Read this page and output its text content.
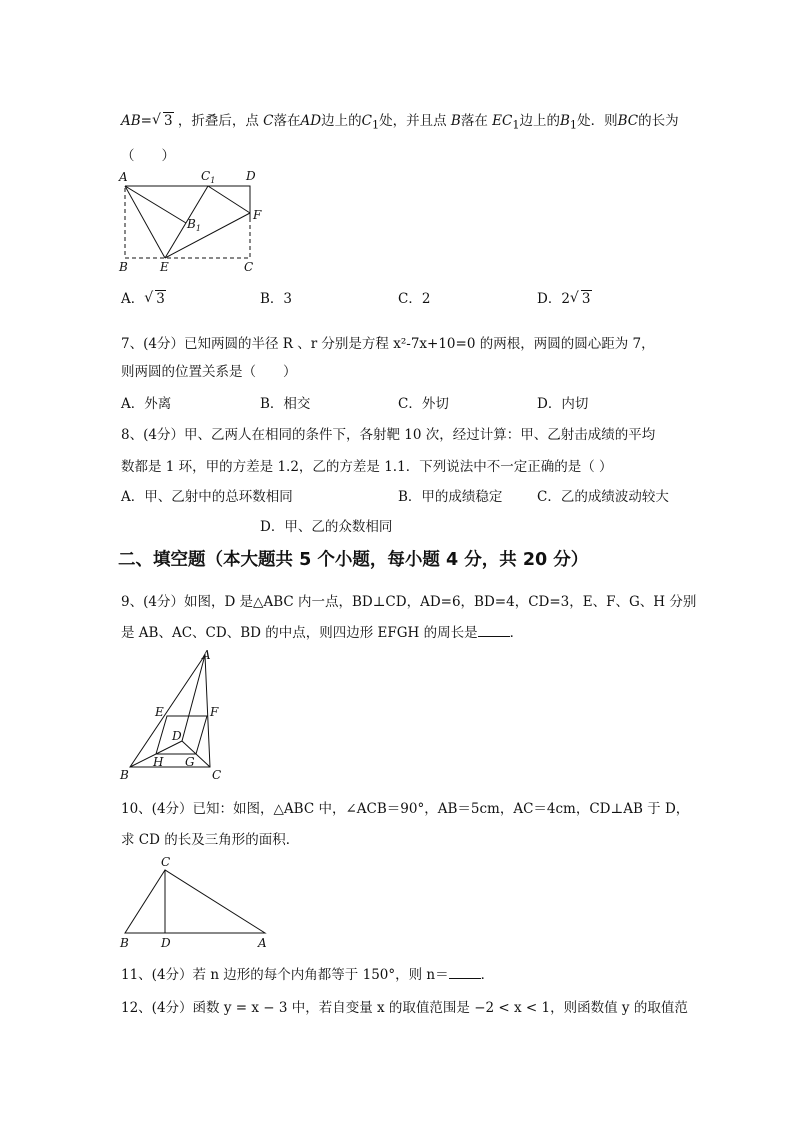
AB= √ 3 ，折叠后，点 C落在AD边上的$C_1$处，并且点 B落在 $EC_1$边上的$B_1$处．则BC的长为
（　　）
A	$C_1$	D
$B_1$
F
B	E	C
A． √ 3	B．3	C．2	D．2 √ 3
7、(4分）已知两圆的半径 R 、r 分别是方程 x²-7x+10=0 的两根，两圆的圆心距为 7，
则两圆的位置关系是（　　）
A．外离	B．相交	C．外切	D．内切
8、(4分）甲、乙两人在相同的条件下，各射靶 10 次，经过计算：甲、乙射击成绩的平均
数都是 1 环，甲的方差是 1.2，乙的方差是 1.1．下列说法中不一定正确的是（ ）
A．甲、乙射中的总环数相同	B．甲的成绩稳定	C．乙的成绩波动较大
D．甲、乙的众数相同
二、填空题（本大题共 5 个小题，每小题 4 分，共 20 分）
9、(4分）如图，D 是△ABC 内一点，BD⊥CD，AD=6，BD=4，CD=3，E、F、G、H 分别
是 AB、AC、CD、BD 的中点，则四边形 EFGH 的周长是 ．
A
E	F
D
B
H G
C
10、(4分）已知：如图，△ABC 中，∠ACB＝90°，AB＝5cm，AC＝4cm，CD⊥AB 于 D，
求 CD 的长及三角形的面积．
C
B	D	A
11、(4分）若 n 边形的每个内角都等于 150°，则 n＝ ．
12、(4分）函数 y = x − 3 中，若自变量 x 的取值范围是 −2 < x < 1，则函数值 y 的取值范
